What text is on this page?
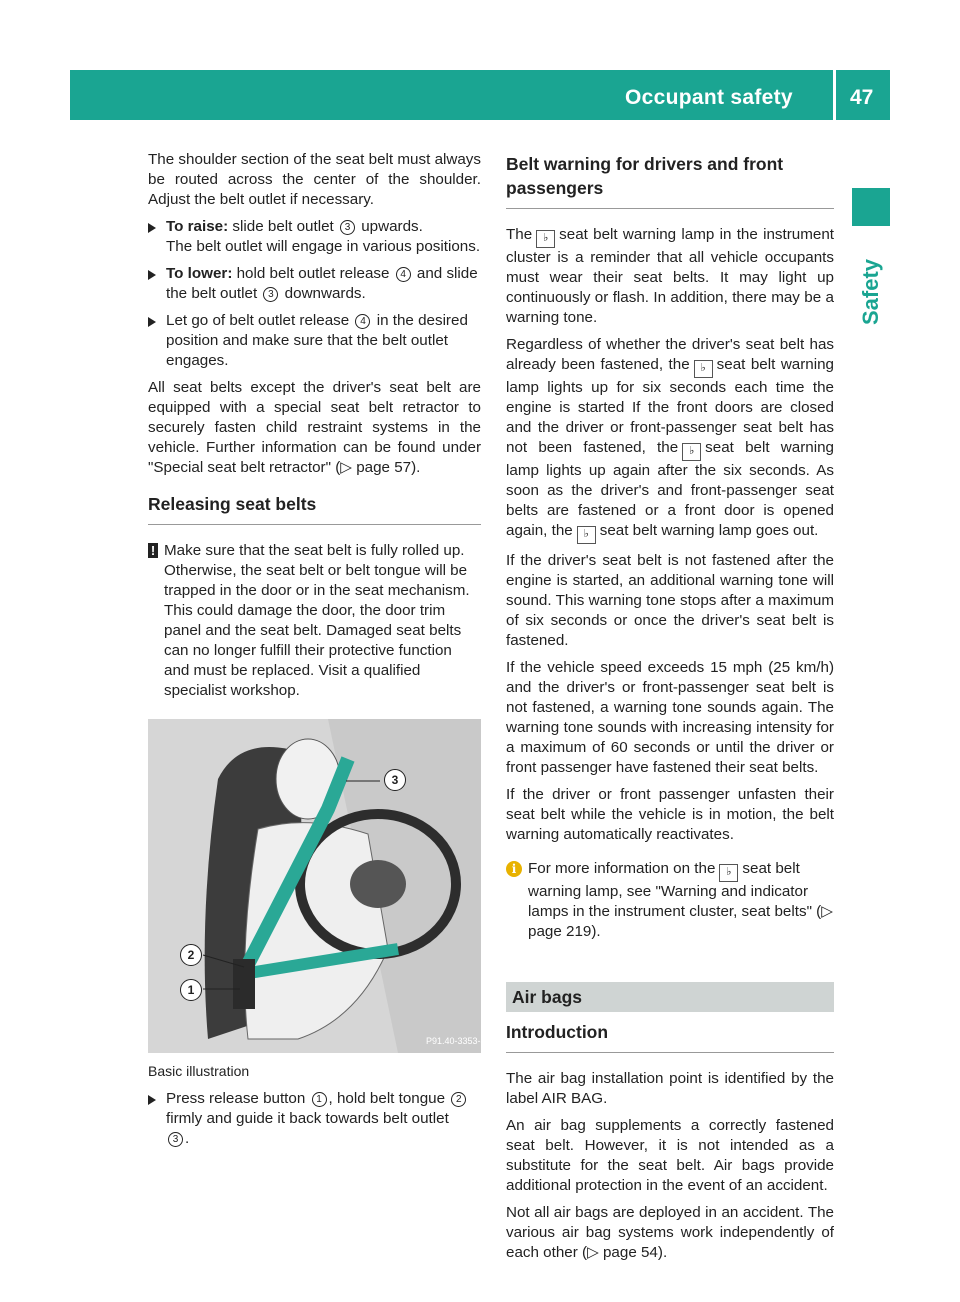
Occupant safety	47
Safety

The shoulder section of the seat belt must always be routed across the center of the shoulder. Adjust the belt outlet if necessary.

To raise: slide belt outlet 3 upwards.
The belt outlet will engage in various positions.
To lower: hold belt outlet release 4 and slide the belt outlet 3 downwards.
Let go of belt outlet release 4 in the desired position and make sure that the belt outlet engages.

All seat belts except the driver's seat belt are equipped with a special seat belt retractor to securely fasten child restraint systems in the vehicle. Further information can be found under "Special seat belt retractor" (▷ page 57).

Releasing seat belts
! Make sure that the seat belt is fully rolled up. Otherwise, the seat belt or belt tongue will be trapped in the door or in the seat mechanism. This could damage the door, the door trim panel and the seat belt. Damaged seat belts can no longer fulfill their protective function and must be replaced. Visit a qualified specialist workshop.
P91.40-3353-31
3
2
1
Basic illustration
Press release button 1 , hold belt tongue 2 firmly and guide it back towards belt outlet
3 .
Belt warning for drivers and front passengers

The ♭ seat belt warning lamp in the instrument cluster is a reminder that all vehicle occupants must wear their seat belts. It may light up continuously or flash. In addition, there may be a warning tone.

Regardless of whether the driver's seat belt has already been fastened, the ♭ seat belt warning lamp lights up for six seconds each time the engine is started If the front doors are closed and the driver or front-passenger seat belt has not been fastened, the ♭ seat belt warning lamp lights up again after the six seconds. As soon as the driver's and front-passenger seat belts are fastened or a front door is opened again, the ♭ seat belt warning lamp goes out.

If the driver's seat belt is not fastened after the engine is started, an additional warning tone will sound. This warning tone stops after a maximum of six seconds or once the driver's seat belt is fastened.

If the vehicle speed exceeds 15 mph (25 km/h) and the driver's or front-passenger seat belt is not fastened, a warning tone sounds again. The warning tone sounds with increasing intensity for a maximum of 60 seconds or until the driver or front passenger have fastened their seat belts.

If the driver or front passenger unfasten their seat belt while the vehicle is in motion, the belt warning automatically reactivates.

i For more information on the ♭ seat belt warning lamp, see "Warning and indicator lamps in the instrument cluster, seat belts" (▷ page 219).
Air bags
Introduction

The air bag installation point is identified by the label AIR BAG.

An air bag supplements a correctly fastened seat belt. However, it is not intended as a substitute for the seat belt. Air bags provide additional protection in the event of an accident.

Not all air bags are deployed in an accident. The various air bag systems work independently of each other (▷ page 54).
